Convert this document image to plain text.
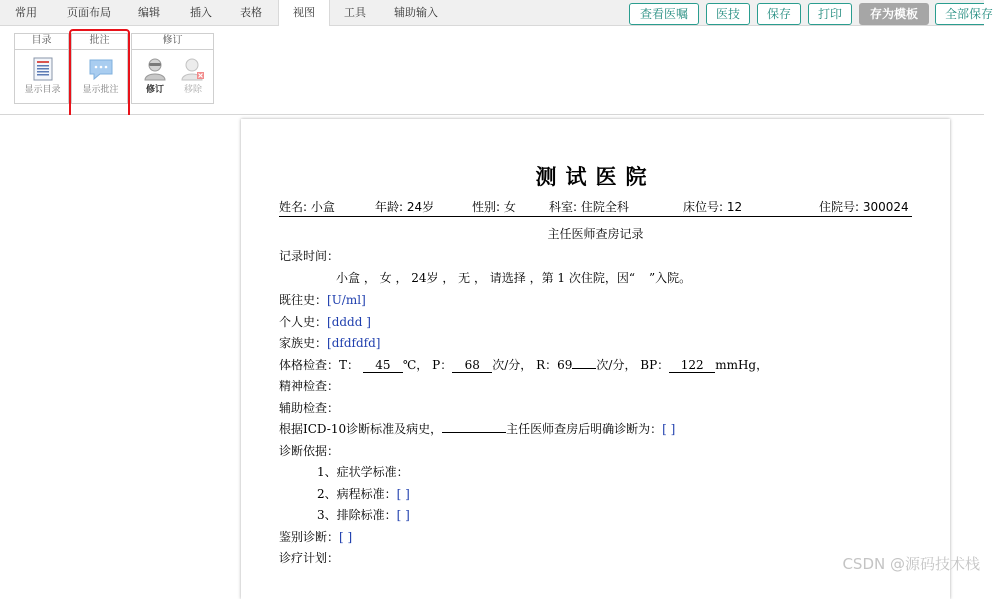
常用	页面布局	编辑	插入	表格	视图	工具	辅助输入	查看医嘱	医技	保存	打印	存为模板	全部保存
目录
显示目录
批注
显示批注
修订
修订	移除
测试医院
姓名: 小盒	年龄: 24岁	性别: 女	科室: 住院全科	床位号: 12	住院号: 300024
主任医师查房记录
记录时间：
小盒 ， 女 ， 24岁 ， 无 ， 请选择 ，第 1 次住院，因“ ”入院。
既往史：[U/ml]
个人史：[dddd ]
家族史：[dfdfdfd]
体格检查：T： 45 ℃， P： 68 次/分， R：69 次/分， BP： 122 mmHg，
精神检查：
辅助检查：
根据ICD-10诊断标准及病史，	主任医师查房后明确诊断为：[ ]
诊断依据：
1、症状学标准：
2、病程标准：[ ]
3、排除标准：[ ]
鉴别诊断：[ ]
诊疗计划：	CSDN @源码技术栈
